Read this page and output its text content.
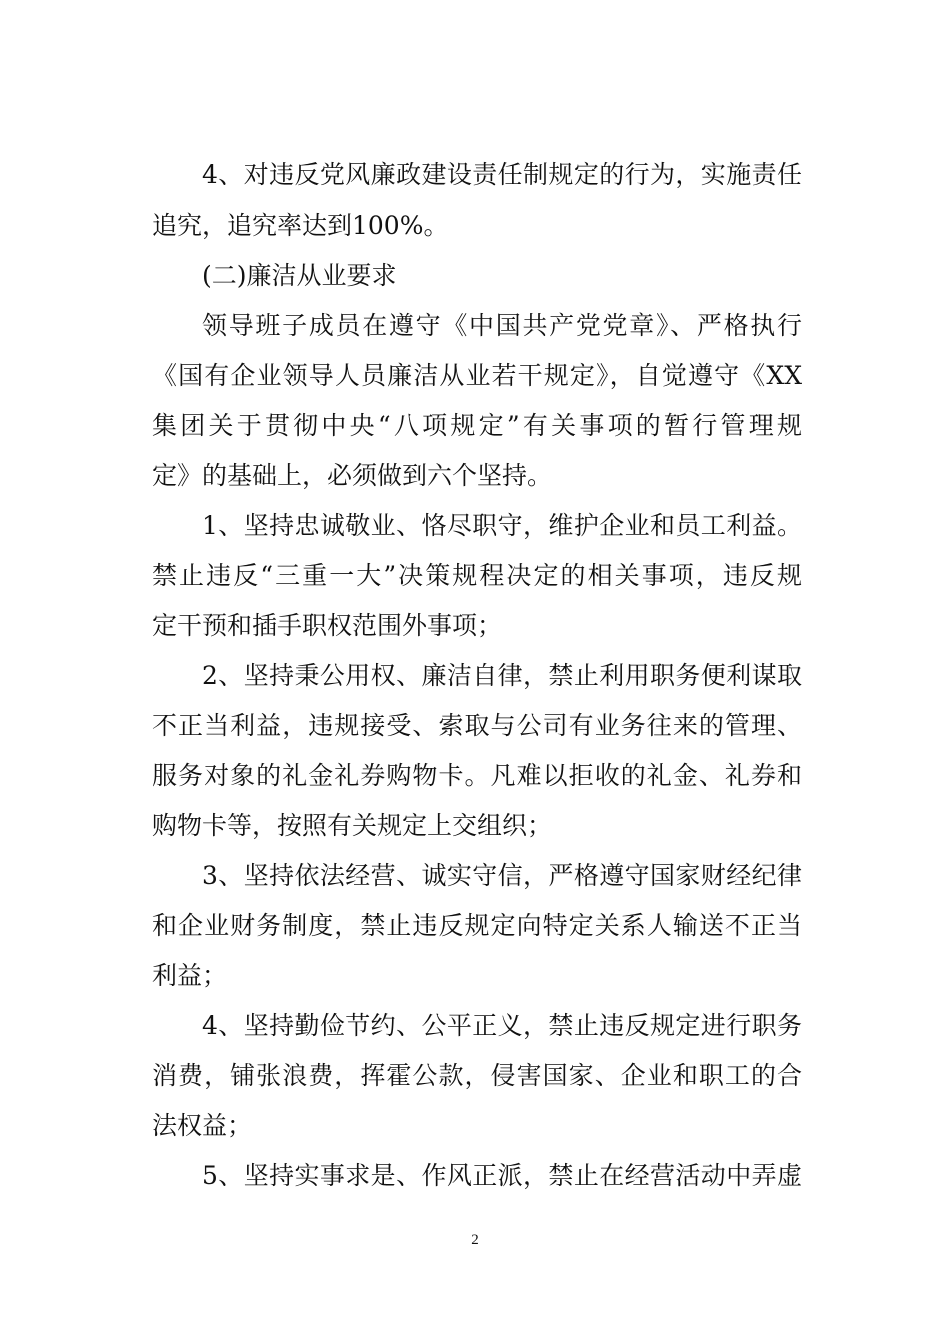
4、对违反党风廉政建设责任制规定的行为，实施责任
追究，追究率达到100%。
(二)廉洁从业要求
领导班子成员在遵守《中国共产党党章》、严格执行
《国有企业领导人员廉洁从业若干规定》，自觉遵守《XX
集团关于贯彻中央“八项规定”有关事项的暂行管理规
定》的基础上，必须做到六个坚持。
1、坚持忠诚敬业、恪尽职守，维护企业和员工利益。
禁止违反“三重一大”决策规程决定的相关事项，违反规
定干预和插手职权范围外事项；
2、坚持秉公用权、廉洁自律，禁止利用职务便利谋取
不正当利益，违规接受、索取与公司有业务往来的管理、
服务对象的礼金礼券购物卡。凡难以拒收的礼金、礼券和
购物卡等，按照有关规定上交组织；
3、坚持依法经营、诚实守信，严格遵守国家财经纪律
和企业财务制度，禁止违反规定向特定关系人输送不正当
利益；
4、坚持勤俭节约、公平正义，禁止违反规定进行职务
消费，铺张浪费，挥霍公款，侵害国家、企业和职工的合
法权益；
5、坚持实事求是、作风正派，禁止在经营活动中弄虚
2
